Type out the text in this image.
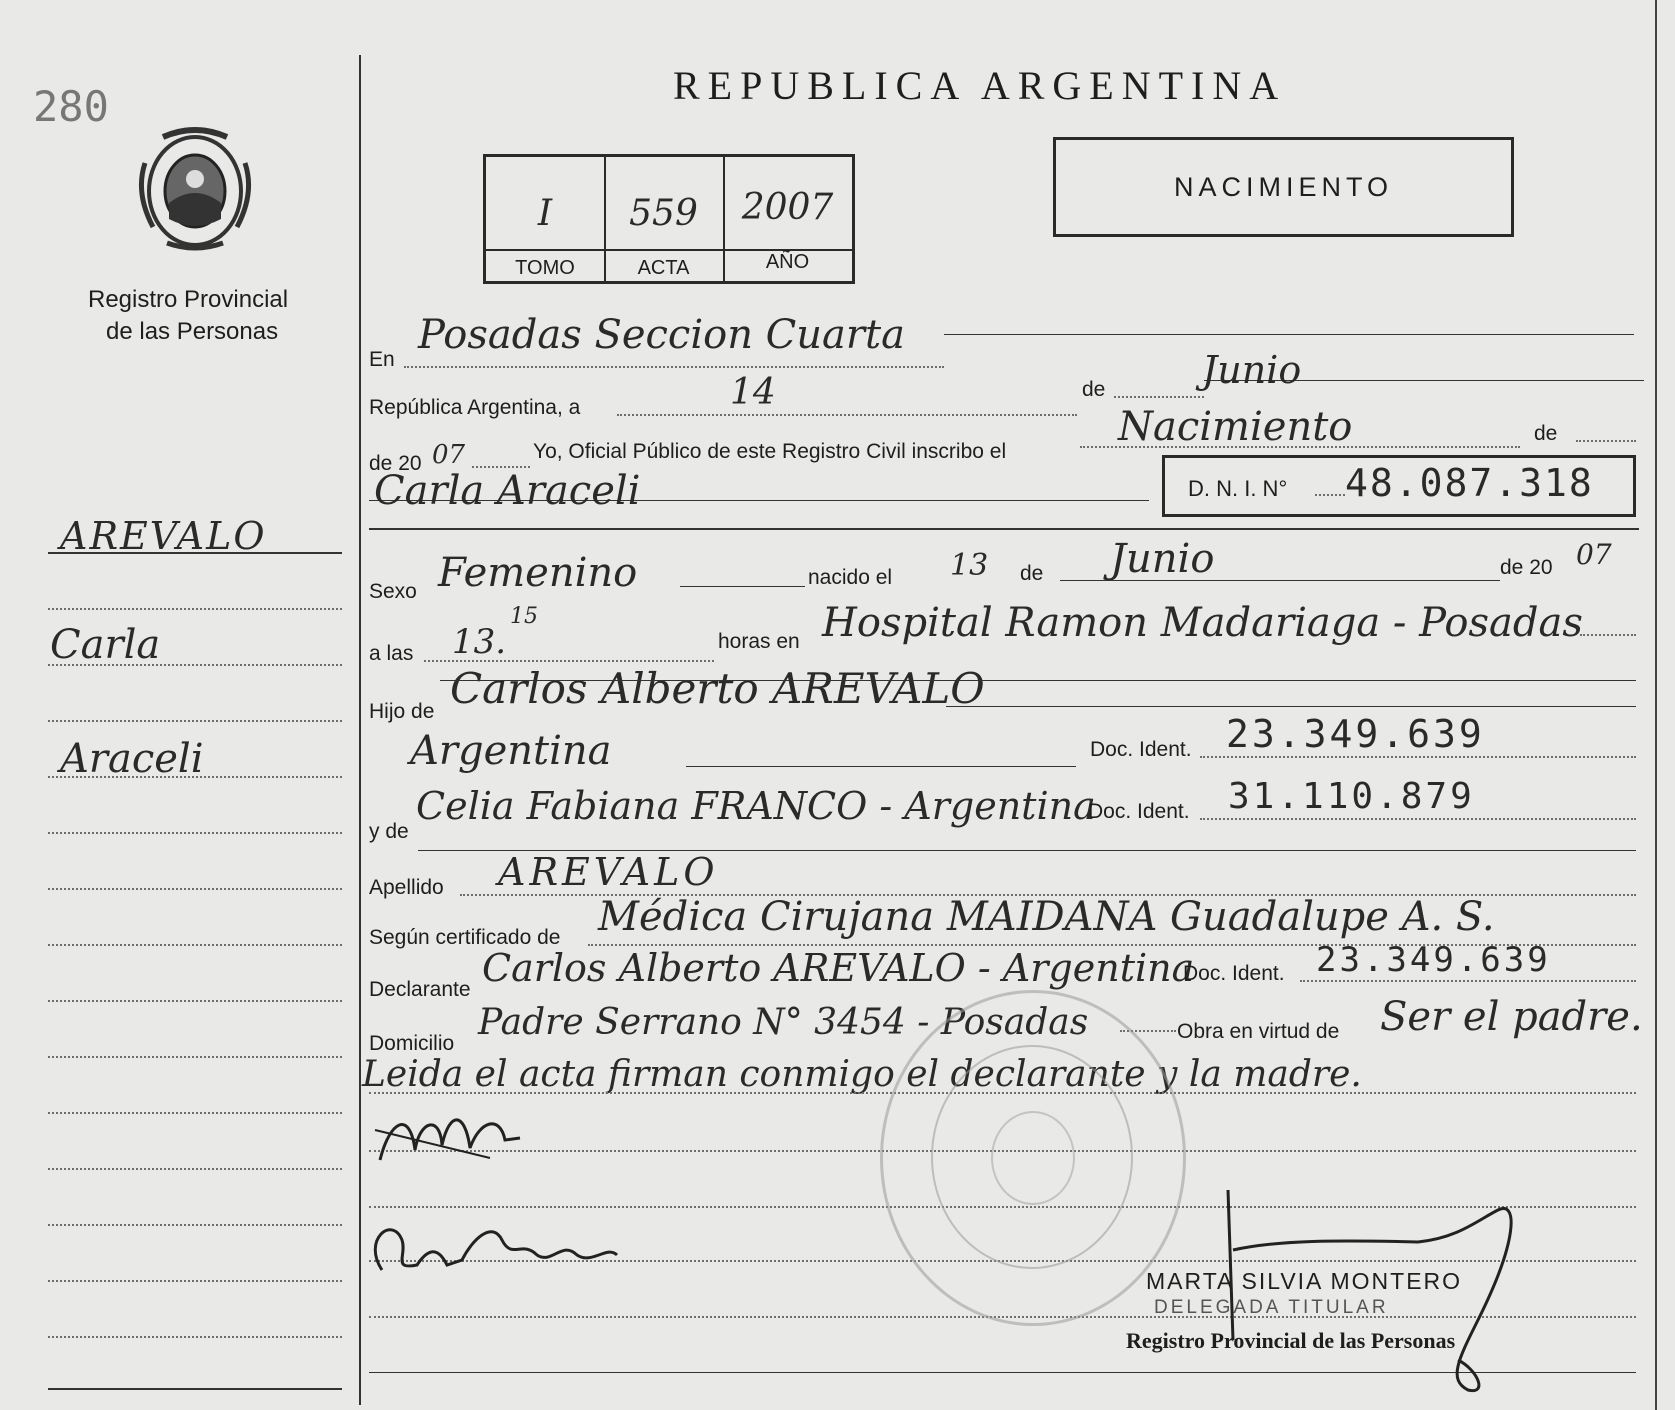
280
Registro Provincial
de las Personas
REPUBLICA ARGENTINA
I	559	2007
TOMO	ACTA	AÑO
NACIMIENTO
En
Posadas Seccion Cuarta
República Argentina, a	14	de	Junio
de 20 07	Yo, Oficial Público de este Registro Civil inscribo el
Nacimiento	de
Carla Araceli	D. N. I. N° 48.087.318
Sexo Femenino	nacido el 13 de Junio	de 20 07
a las 13.
15
horas en Hospital Ramon Madariaga - Posadas
Hijo de Carlos Alberto AREVALO
Argentina	Doc. Ident. 23.349.639
y de
Celia Fabiana FRANCO - Argentina
Doc. Ident. 31.110.879
Apellido AREVALO
Según certificado de Médica Cirujana MAIDANA Guadalupe A. S.
Declarante Carlos Alberto AREVALO - Argentina
Doc. Ident. 23.349.639
Domicilio
Padre Serrano N° 3454 - Posadas	Obra en virtud de Ser el padre.
Leida el acta firman conmigo el declarante y la madre.
MARTA SILVIA MONTERO
DELEGADA TITULAR
Registro Provincial de las Personas
AREVALO
Carla
Araceli
